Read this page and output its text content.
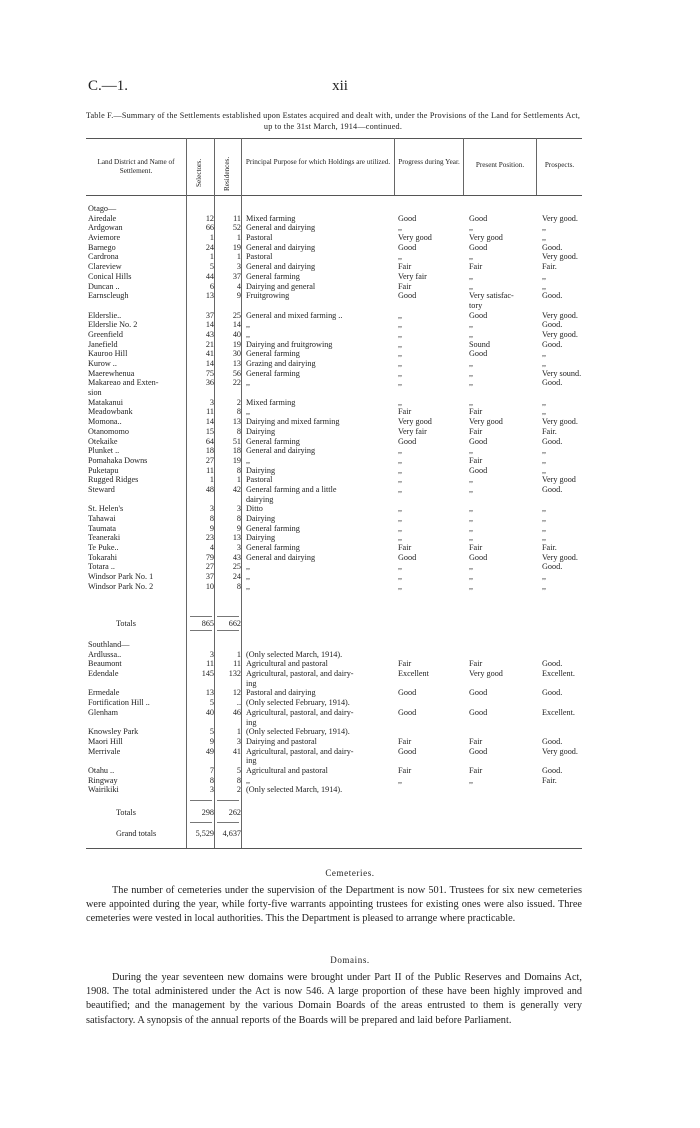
C.—1.	xii
Table F.—Summary of the Settlements established upon Estates acquired and dealt with, under the Provisions of the Land for Settlements Act, up to the 31st March, 1914—continued.
Land District and Name of Settlement.	Selectors.	Residences.	Principal Purpose for which Holdings are utilized.	Progress during Year.	Present Position.	Prospects.
Otago—
Airedale	12	11 Mixed farming	Good	Good	Very good.
Ardgowan	66	52 General and dairying	,,	,,	,,
Aviemore	1	1 Pastoral	Very good	Very good	,,
Barnego	24	19 General and dairying	Good	Good	Good.
Cardrona	1	1 Pastoral	,,	,,	Very good.
Clareview	5	3 General and dairying	Fair	Fair	Fair.
Conical Hills	44	37 General farming	Very fair	,,	,,
Duncan ..	6	4 Dairying and general	Fair	,,	,,
Earnscleugh	13	9 Fruitgrowing	Good	Very satisfac-	Good.
tory
Elderslie..	37	25 General and mixed farming ..	,,	Good	Very good.
Elderslie No. 2	14	14 ,,	,,	,,	Good.
Greenfield	43	40 ,,	,,	,,	Very good.
Janefield	21	19 Dairying and fruitgrowing	,,	Sound	Good.
Kauroo Hill	41	30 General farming	,,	Good	,,
Kurow ..	14	13 Grazing and dairying	,,	,,	,,
Maerewhenua	75	56 General farming	,,	,,	Very sound.
Makareao and Exten-	36	22 ,,	,,	,,	Good.
sion
Matakanui	3	2 Mixed farming	,,	,,	,,
Meadowbank	11	8 ,,	Fair	Fair	,,
Momona..	14	13 Dairying and mixed farming	Very good	Very good	Very good.
Otanomomo	15	8 Dairying	Very fair	Fair	Fair.
Otekaike	64	51 General farming	Good	Good	Good.
Plunket ..	18	18 General and dairying	,,	,,	,,
Pomahaka Downs	27	19 ,,	,,	Fair	,,
Puketapu	11	8 Dairying	,,	Good	,,
Rugged Ridges	1	1 Pastoral	,,	,,	Very good
Steward	48	42 General farming and a little	,,	,,	Good.
dairying
St. Helen's	3	3 Ditto	,,	,,	,,
Tahawai	8	8 Dairying	,,	,,	,,
Taumata	9	9 General farming	,,	,,	,,
Teaneraki	23	13 Dairying	,,	,,	,,
Te Puke..	4	3 General farming	Fair	Fair	Fair.
Tokarahi	79	43 General and dairying	Good	Good	Very good.
Totara ..	27	25 ,,	,,	,,	Good.
Windsor Park No. 1	37	24 ,,	,,	,,	,,
Windsor Park No. 2	10	8 ,,	,,	,,	,,
Totals	865	662
Southland—
Ardlussa..	3	1 (Only selected March, 1914).
Beaumont	11	11 Agricultural and pastoral	Fair	Fair	Good.
Edendale	145	132 Agricultural, pastoral, and dairy-	Excellent	Very good	Excellent.
ing
Ermedale	13	12 Pastoral and dairying	Good	Good	Good.
Fortification Hill ..	5	.. (Only selected February, 1914).
Glenham	40	46 Agricultural, pastoral, and dairy-	Good	Good	Excellent.
ing
Knowsley Park	5	1 (Only selected February, 1914).
Maori Hill	9	3 Dairying and pastoral	Fair	Fair	Good.
Merrivale	49	41 Agricultural, pastoral, and dairy-	Good	Good	Very good.
ing
Otahu ..	7	5 Agricultural and pastoral	Fair	Fair	Good.
Ringway	8	8 ,,	,,	,,	Fair.
Wairikiki	3	2 (Only selected March, 1914).
Totals	298	262
Grand totals	5,529	4,637
Cemeteries.
The number of cemeteries under the supervision of the Department is now 501. Trustees for six new cemeteries were appointed during the year, while forty-five warrants appointing trustees for existing ones were also issued. Three cemeteries were vested in local authorities. This the Department is pleased to arrange where practicable.
Domains.
During the year seventeen new domains were brought under Part II of the Public Reserves and Domains Act, 1908. The total administered under the Act is now 546. A large proportion of these have been highly improved and beautified; and the management by the various Domain Boards of the areas entrusted to them is generally very satisfactory. A synopsis of the annual reports of the Boards will be prepared and laid before Parliament.
